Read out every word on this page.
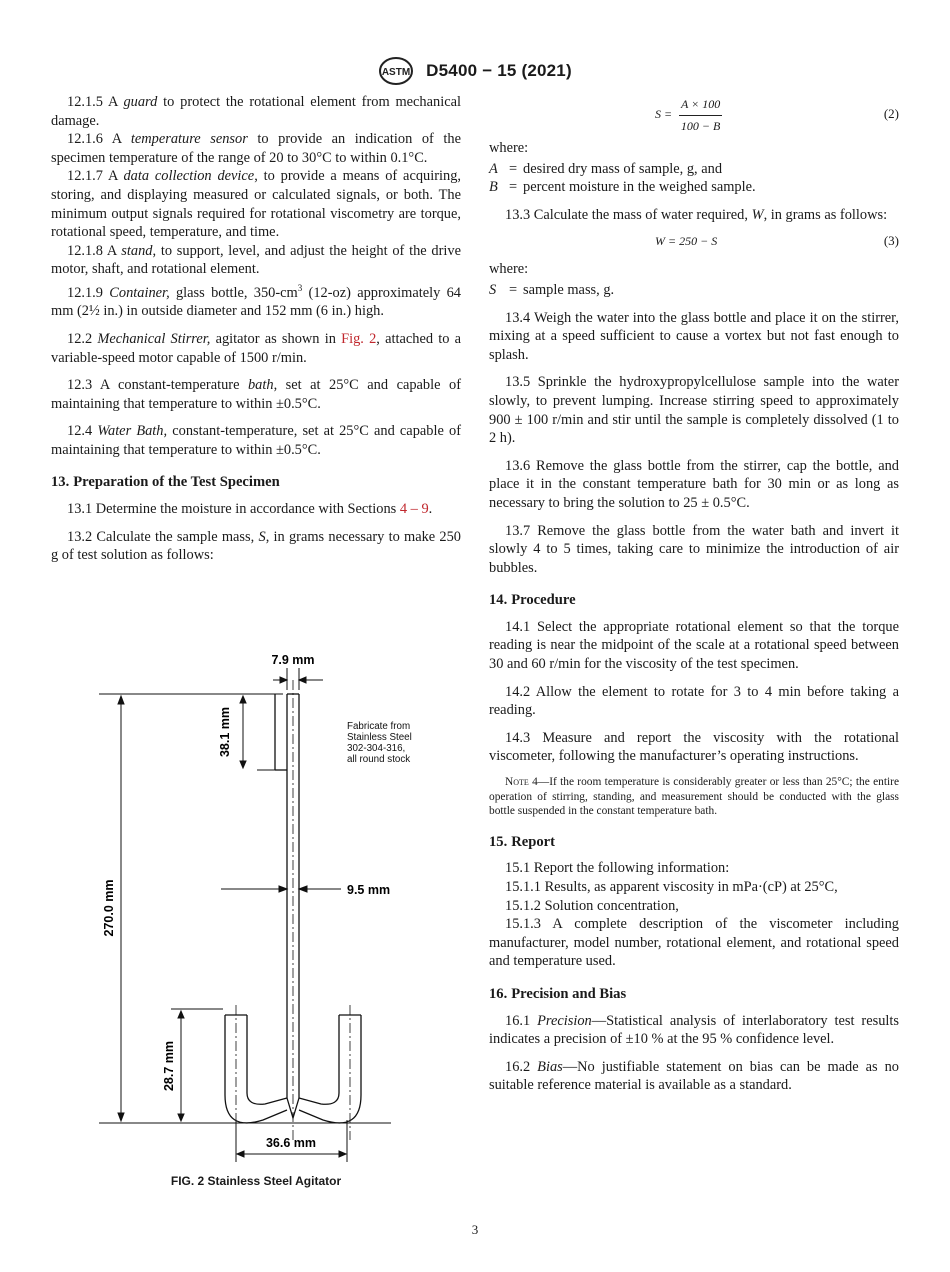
ASTM D5400 − 15 (2021)

12.1.5 A guard to protect the rotational element from mechanical damage.

12.1.6 A temperature sensor to provide an indication of the specimen temperature of the range of 20 to 30°C to within 0.1°C.

12.1.7 A data collection device, to provide a means of acquiring, storing, and displaying measured or calculated signals, or both. The minimum output signals required for rotational viscometry are torque, rotational speed, temperature, and time.

12.1.8 A stand, to support, level, and adjust the height of the drive motor, shaft, and rotational element.

12.1.9 Container, glass bottle, $350-cm^3$ (12-oz) approximately 64 mm (2½ in.) in outside diameter and 152 mm (6 in.) high.

12.2 Mechanical Stirrer, agitator as shown in Fig. 2, attached to a variable-speed motor capable of 1500 r/min.

12.3 A constant-temperature bath, set at 25°C and capable of maintaining that temperature to within ±0.5°C.

12.4 Water Bath, constant-temperature, set at 25°C and capable of maintaining that temperature to within ±0.5°C.

13. Preparation of the Test Specimen

13.1 Determine the moisture in accordance with Sections 4 – 9.

13.2 Calculate the sample mass, S, in grams necessary to make 250 g of test solution as follows:

7.9 mm
38.1 mm
270.0 mm	9.5 mm
28.7 mm
36.6 mm
Fabricate from
Stainless Steel
302-304-316,
all round stock
FIG. 2 Stainless Steel Agitator
$S = \frac{A \times 100}{100 - B}$	(2)

where:

A = desired dry mass of sample, g, and
B = percent moisture in the weighed sample.

13.3 Calculate the mass of water required, W, in grams as follows:

W = 250 − S	(3)

where:

S = sample mass, g.

13.4 Weigh the water into the glass bottle and place it on the stirrer, mixing at a speed sufficient to cause a vortex but not fast enough to splash.

13.5 Sprinkle the hydroxypropylcellulose sample into the water slowly, to prevent lumping. Increase stirring speed to approximately 900 ± 100 r/min and stir until the sample is completely dissolved (1 to 2 h).

13.6 Remove the glass bottle from the stirrer, cap the bottle, and place it in the constant temperature bath for 30 min or as long as necessary to bring the solution to 25 ± 0.5°C.

13.7 Remove the glass bottle from the water bath and invert it slowly 4 to 5 times, taking care to minimize the introduction of air bubbles.

14. Procedure

14.1 Select the appropriate rotational element so that the torque reading is near the midpoint of the scale at a rotational speed between 30 and 60 r/min for the viscosity of the test specimen.

14.2 Allow the element to rotate for 3 to 4 min before taking a reading.

14.3 Measure and report the viscosity with the rotational viscometer, following the manufacturer’s operating instructions.

Note 4—If the room temperature is considerably greater or less than 25°C; the entire operation of stirring, standing, and measurement should be conducted with the glass bottle suspended in the constant temperature bath.

15. Report

15.1 Report the following information:

15.1.1 Results, as apparent viscosity in mPa·(cP) at 25°C,

15.1.2 Solution concentration,

15.1.3 A complete description of the viscometer including manufacturer, model number, rotational element, and rotational speed and temperature used.

16. Precision and Bias

16.1 Precision—Statistical analysis of interlaboratory test results indicates a precision of ±10 % at the 95 % confidence level.

16.2 Bias—No justifiable statement on bias can be made as no suitable reference material is available as a standard.

3
